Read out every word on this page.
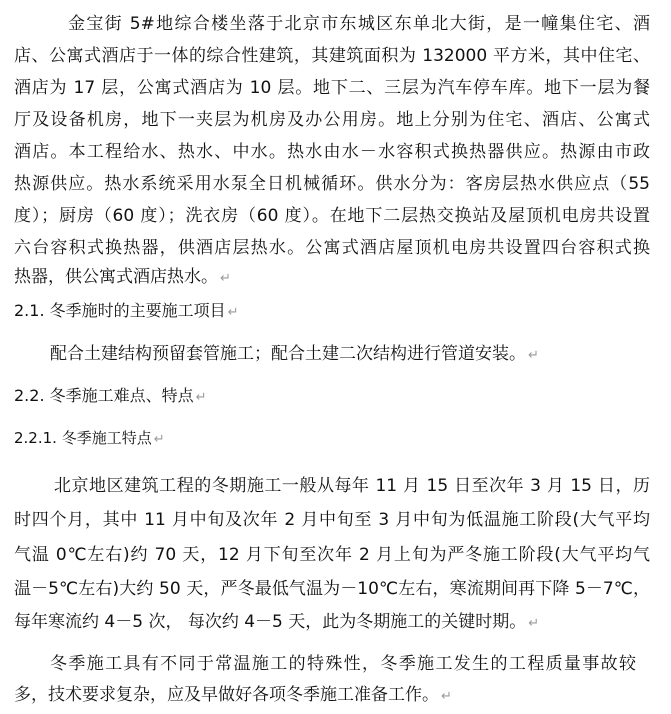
金宝街 5#地综合楼坐落于北京市东城区东单北大街，是一幢集住宅、酒
店、公寓式酒店于一体的综合性建筑，其建筑面积为 132000 平方米，其中住宅、
酒店为 17 层，公寓式酒店为 10 层。地下二、三层为汽车停车库。地下一层为餐
厅及设备机房，地下一夹层为机房及办公用房。地上分别为住宅、酒店、公寓式
酒店。本工程给水、热水、中水。热水由水－水容积式换热器供应。热源由市政
热源供应。热水系统采用水泵全日机械循环。供水分为：客房层热水供应点（55
度）；厨房（60 度）；洗衣房（60 度）。在地下二层热交换站及屋顶机电房共设置
六台容积式换热器，供酒店层热水。公寓式酒店屋顶机电房共设置四台容积式换
热器，供公寓式酒店热水。 ↵
2.1. 冬季施时的主要施工项目 ↵
配合土建结构预留套管施工；配合土建二次结构进行管道安装。 ↵
2.2. 冬季施工难点、特点 ↵
2.2.1. 冬季施工特点 ↵
北京地区建筑工程的冬期施工一般从每年 11 月 15 日至次年 3 月 15 日，历
时四个月，其中 11 月中旬及次年 2 月中旬至 3 月中旬为低温施工阶段(大气平均
气温 0℃左右)约 70 天，12 月下旬至次年 2 月上旬为严冬施工阶段(大气平均气
温－5℃左右)大约 50 天，严冬最低气温为－10℃左右，寒流期间再下降 5－7℃，
每年寒流约 4－5 次， 每次约 4－5 天，此为冬期施工的关键时期。 ↵
冬季施工具有不同于常温施工的特殊性，冬季施工发生的工程质量事故较
多，技术要求复杂，应及早做好各项冬季施工准备工作。 ↵
